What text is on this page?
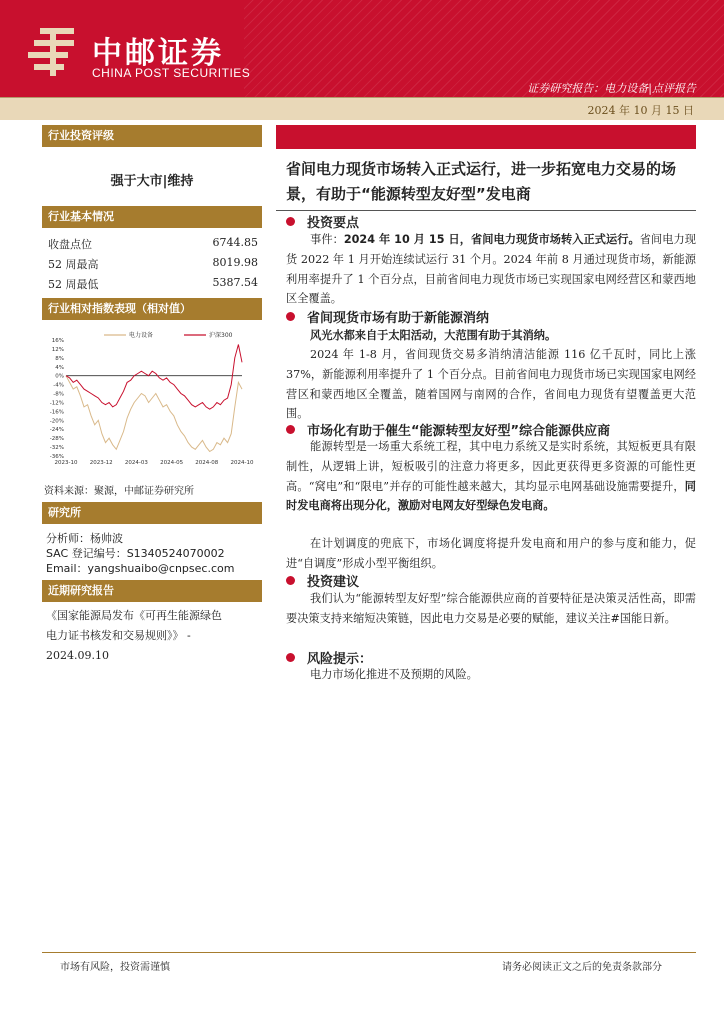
中邮证券
CHINA POST SECURITIES
证券研究报告：电力设备|点评报告
2024 年 10 月 15 日
行业投资评级
强于大市|维持
行业基本情况
收盘点位	6744.85
52 周最高	8019.98
52 周最低	5387.54
行业相对指数表现（相对值）
16%
12%
8%
4%
0%
-4%
-8%
-12%
-16%
-20%
-24%
-28%
-32%
-36%
2023-10 2023-12 2024-03 2024-05 2024-08 2024-10
电力设备	沪深300
资料来源：聚源，中邮证券研究所
研究所
分析师：杨帅波
SAC 登记编号：S1340524070002
Email：yangshuaibo@cnpsec.com
近期研究报告
《国家能源局发布《可再生能源绿色
电力证书核发和交易规则》》 -
2024.09.10
省间电力现货市场转入正式运行，进一步拓宽电力交易的场景，有助于“能源转型友好型”发电商
投资要点
事件：2024 年 10 月 15 日，省间电力现货市场转入正式运行。省间电力现货 2022 年 1 月开始连续试运行 31 个月。2024 年前 8 月通过现货市场，新能源利用率提升了 1 个百分点，目前省间电力现货市场已实现国家电网经营区和蒙西地区全覆盖。
省间现货市场有助于新能源消纳
风光水都来自于太阳活动，大范围有助于其消纳。
2024 年 1-8 月，省间现货交易多消纳清洁能源 116 亿千瓦时，同比上涨 37%，新能源利用率提升了 1 个百分点。目前省间电力现货市场已实现国家电网经营区和蒙西地区全覆盖，随着国网与南网的合作，省间电力现货有望覆盖更大范围。
市场化有助于催生“能源转型友好型”综合能源供应商
能源转型是一场重大系统工程，其中电力系统又是实时系统，其短板更具有限制性，从逻辑上讲，短板吸引的注意力将更多，因此更获得更多资源的可能性更高。“窝电”和“限电”并存的可能性越来越大，其均显示电网基础设施需要提升，同时发电商将出现分化，激励对电网友好型绿色发电商。
在计划调度的兜底下，市场化调度将提升发电商和用户的参与度和能力，促进“自调度”形成小型平衡组织。
投资建议
我们认为“能源转型友好型”综合能源供应商的首要特征是决策灵活性高，即需要决策支持来缩短决策链，因此电力交易是必要的赋能，建议关注#国能日新。
风险提示：
电力市场化推进不及预期的风险。
市场有风险，投资需谨慎	请务必阅读正文之后的免责条款部分
